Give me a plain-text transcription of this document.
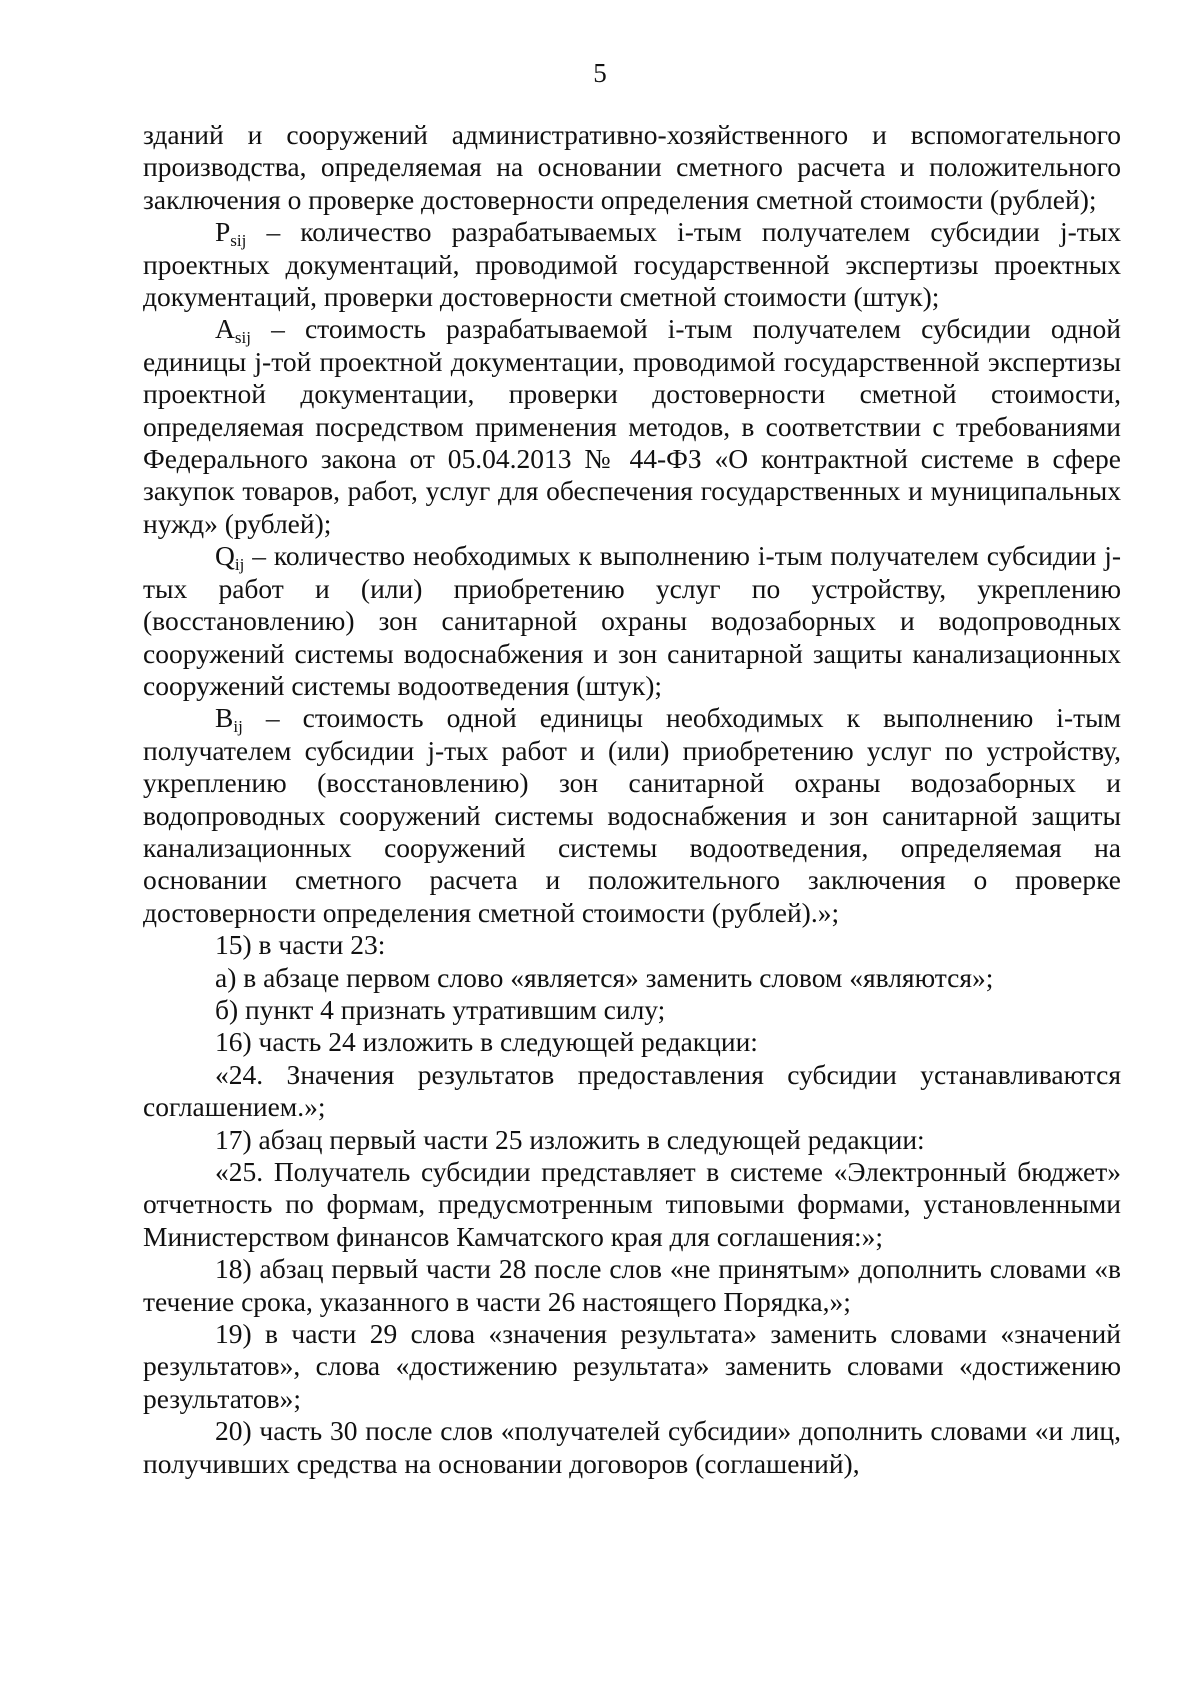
5

зданий и сооружений административно-хозяйственного и вспомогательного производства, определяемая на основании сметного расчета и положительного заключения о проверке достоверности определения сметной стоимости (рублей);

$P_{sij}$ – количество разрабатываемых i-тым получателем субсидии j-тых проектных документаций, проводимой государственной экспертизы проектных документаций, проверки достоверности сметной стоимости (штук);

$A_{sij}$ – стоимость разрабатываемой i-тым получателем субсидии одной единицы j-той проектной документации, проводимой государственной экспертизы проектной документации, проверки достоверности сметной стоимости, определяемая посредством применения методов, в соответствии с требованиями Федерального закона от 05.04.2013 № 44-ФЗ «О контрактной системе в сфере закупок товаров, работ, услуг для обеспечения государственных и муниципальных нужд» (рублей);

$Q_{ij}$ – количество необходимых к выполнению i-тым получателем субсидии j-тых работ и (или) приобретению услуг по устройству, укреплению (восстановлению) зон санитарной охраны водозаборных и водопроводных сооружений системы водоснабжения и зон санитарной защиты канализационных сооружений системы водоотведения (штук);

$B_{ij}$ – стоимость одной единицы необходимых к выполнению i-тым получателем субсидии j-тых работ и (или) приобретению услуг по устройству, укреплению (восстановлению) зон санитарной охраны водозаборных и водопроводных сооружений системы водоснабжения и зон санитарной защиты канализационных сооружений системы водоотведения, определяемая на основании сметного расчета и положительного заключения о проверке достоверности определения сметной стоимости (рублей).»;

15) в части 23:

а) в абзаце первом слово «является» заменить словом «являются»;

б) пункт 4 признать утратившим силу;

16) часть 24 изложить в следующей редакции:

«24. Значения результатов предоставления субсидии устанавливаются соглашением.»;

17) абзац первый части 25 изложить в следующей редакции:

«25. Получатель субсидии представляет в системе «Электронный бюджет» отчетность по формам, предусмотренным типовыми формами, установленными Министерством финансов Камчатского края для соглашения:»;

18) абзац первый части 28 после слов «не принятым» дополнить словами «в течение срока, указанного в части 26 настоящего Порядка,»;

19) в части 29 слова «значения результата» заменить словами «значений результатов», слова «достижению результата» заменить словами «достижению результатов»;

20) часть 30 после слов «получателей субсидии» дополнить словами «и лиц, получивших средства на основании договоров (соглашений),
